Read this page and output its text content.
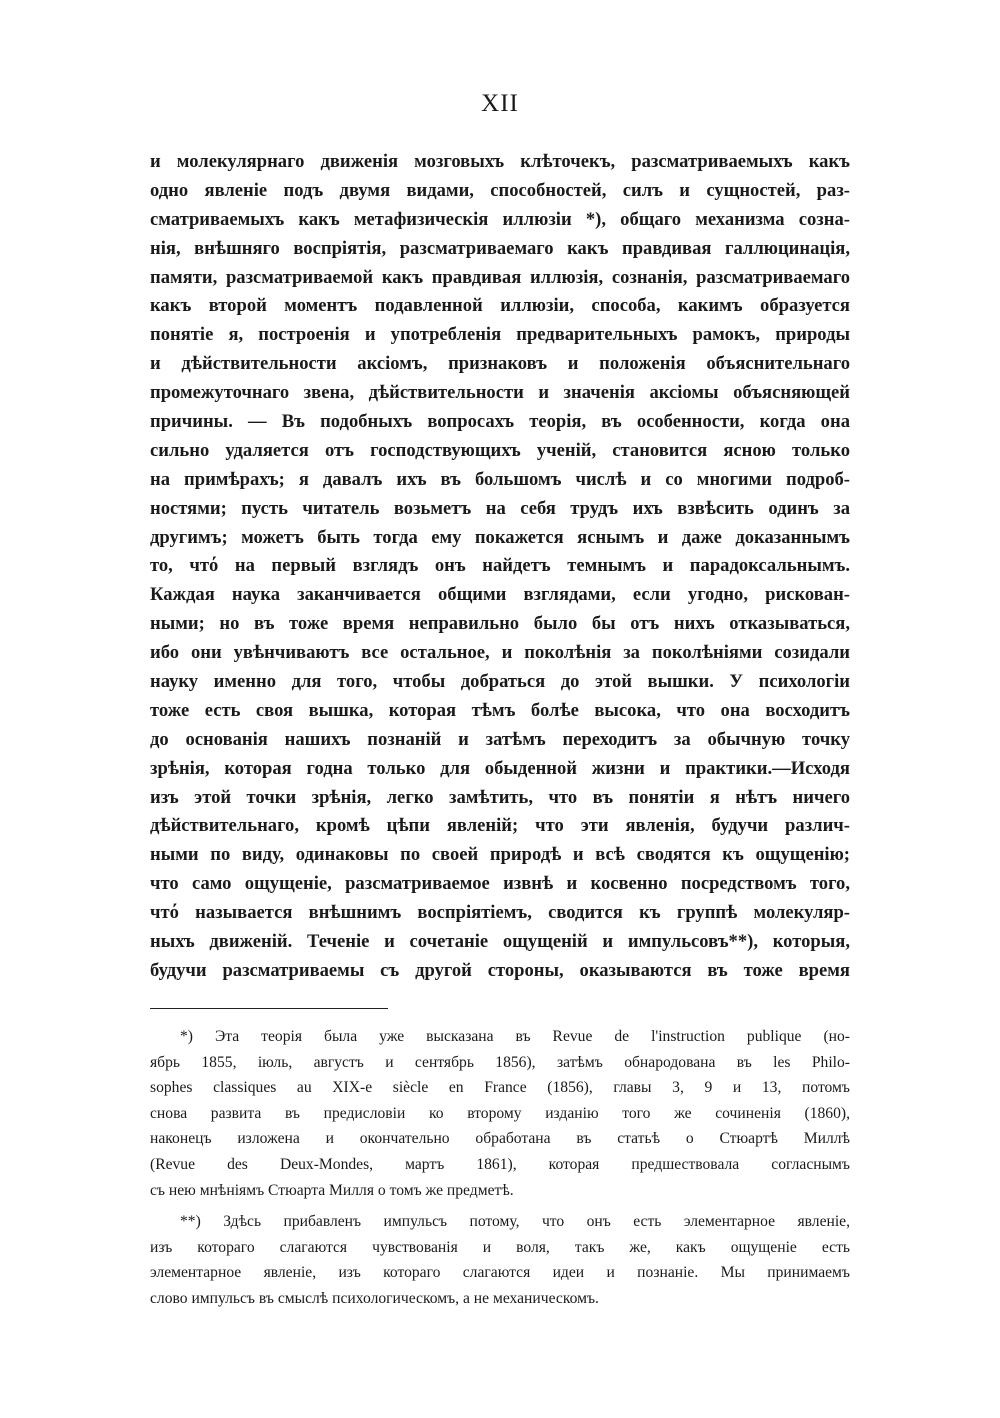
XII
и молекулярнаго движенія мозговыхъ клѣточекъ, разсматриваемыхъ какъ
одно явленіе подъ двумя видами, способностей, силъ и сущностей, раз-
сматриваемыхъ какъ метафизическія иллюзіи *), общаго механизма созна-
нія, внѣшняго воспріятія, разсматриваемаго какъ правдивая галлюцинація,
памяти, разсматриваемой какъ правдивая иллюзія, сознанія, разсматриваемаго
какъ второй моментъ подавленной иллюзіи, способа, какимъ образуется
понятіе я, построенія и употребленія предварительныхъ рамокъ, природы
и дѣйствительности аксіомъ, признаковъ и положенія объяснительнаго
промежуточнаго звена, дѣйствительности и значенія аксіомы объясняющей
причины. — Въ подобныхъ вопросахъ теорія, въ особенности, когда она
сильно удаляется отъ господствующихъ ученій, становится ясною только
на примѣрахъ; я давалъ ихъ въ большомъ числѣ и со многими подроб-
ностями; пусть читатель возьметъ на себя трудъ ихъ взвѣсить одинъ за
другимъ; можетъ быть тогда ему покажется яснымъ и даже доказаннымъ
то, чтό на первый взглядъ онъ найдетъ темнымъ и парадоксальнымъ.
Каждая наука заканчивается общими взглядами, если угодно, рискован-
ными; но въ тоже время неправильно было бы отъ нихъ отказываться,
ибо они увѣнчиваютъ все остальное, и поколѣнія за поколѣніями созидали
науку именно для того, чтобы добраться до этой вышки. У психологіи
тоже есть своя вышка, которая тѣмъ болѣе высока, что она восходитъ
до основанія нашихъ познаній и затѣмъ переходитъ за обычную точку
зрѣнія, которая годна только для обыденной жизни и практики.—Исходя
изъ этой точки зрѣнія, легко замѣтить, что въ понятіи я нѣтъ ничего
дѣйствительнаго, кромѣ цѣпи явленій; что эти явленія, будучи различ-
ными по виду, одинаковы по своей природѣ и всѣ сводятся къ ощущенію;
что само ощущеніе, разсматриваемое извнѣ и косвенно посредствомъ того,
чтό называется внѣшнимъ воспріятіемъ, сводится къ группѣ молекуляр-
ныхъ движеній. Теченіе и сочетаніе ощущеній и импульсовъ**), которыя,
будучи разсматриваемы съ другой стороны, оказываются въ тоже время
*) Эта теорія была уже высказана въ Revue de l'instruction publique (но-
ябрь 1855, іюль, августъ и сентябрь 1856), затѣмъ обнародована въ les Philo-
sophes classiques au XIX-e siècle en France (1856), главы 3, 9 и 13, потомъ
снова развита въ предисловіи ко второму изданію того же сочиненія (1860),
наконецъ изложена и окончательно обработана въ статьѣ о Стюартѣ Миллѣ
(Revue des Deux-Mondes, мартъ 1861), которая предшествовала согласнымъ
съ нею мнѣніямъ Стюарта Милля о томъ же предметѣ.
**) Здѣсь прибавленъ импульсъ потому, что онъ есть элементарное явленіе,
изъ котораго слагаются чувствованія и воля, такъ же, какъ ощущеніе есть
элементарное явленіе, изъ котораго слагаются идеи и познаніе. Мы принимаемъ
слово импульсъ въ смыслѣ психологическомъ, а не механическомъ.
